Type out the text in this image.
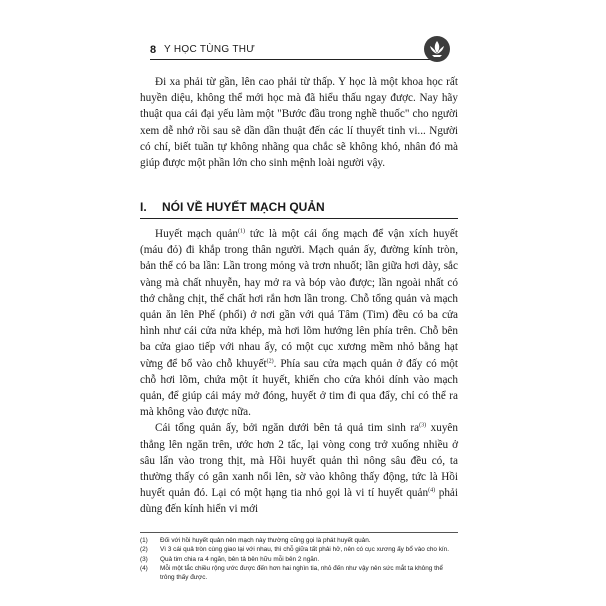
8 Y HỌC TÙNG THƯ

Đi xa phải từ gần, lên cao phải từ thấp. Y học là một khoa học rất huyền diệu, không thể mới học mà đã hiểu thấu ngay được. Nay hãy thuật qua cái đại yếu làm một "Bước đầu trong nghề thuốc" cho người xem dễ nhớ rồi sau sẽ dần dần thuật đến các lí thuyết tinh vi... Người có chí, biết tuần tự không nhãng qua chắc sẽ không khó, nhân đó mà giúp được một phần lớn cho sinh mệnh loài người vậy.

I. NÓI VỀ HUYẾT MẠCH QUẢN

Huyết mạch quản$^{(1)}$ tức là một cái ống mạch để vận xích huyết (máu đỏ) đi khắp trong thân người. Mạch quản ấy, đường kính tròn, bản thể có ba lần: Lần trong mỏng và trơn nhuốt; lần giữa hơi dày, sắc vàng mà chất nhuyễn, hay mở ra và bóp vào được; lần ngoài nhất có thớ chằng chịt, thể chất hơi rắn hơn lần trong. Chỗ tổng quản và mạch quản ăn lên Phế (phổi) ở nơi gần với quả Tâm (Tim) đều có ba cửa hình như cái cửa nửa khép, mà hơi lõm hướng lên phía trên. Chỗ bên ba cửa giao tiếp với nhau ấy, có một cục xương mềm nhỏ bằng hạt vừng để bổ vào chỗ khuyết$^{(2)}$. Phía sau cửa mạch quản ở đấy có một chỗ hơi lõm, chứa một ít huyết, khiến cho cửa khỏi dính vào mạch quản, để giúp cái máy mở đóng, huyết ở tim đi qua đẩy, chỉ có thể ra mà không vào được nữa.

Cái tổng quản ấy, bởi ngăn dưới bên tả quả tim $\sinh ra^{(3)}$ xuyên thẳng lên ngăn trên, ước hơn 2 tấc, lại vòng cong trở xuống nhiều ở sâu lẩn vào trong thịt, mà Hồi huyết quản thì nông sâu đều có, ta thường thấy có gân xanh nổi lên, sờ vào không thấy động, tức là Hồi huyết quản đó. Lại có một hạng tia nhỏ gọi là vi tí huyết quản$^{(4)}$ phải dùng đến kính hiển vi mới

(1) Đối với hồi huyết quản nên mạch này thường cũng gọi là phát huyết quản.
(2) Vì 3 cái quả tròn cùng giao lại với nhau, thì chỗ giữa tất phải hở, nên có cục xương ấy bổ vào cho kín.
(3) Quả tim chia ra 4 ngăn, bên tả bên hữu mỗi bên 2 ngăn.
(4) Mỗi một tắc chiều rộng ước được đến hơn hai nghìn tia, nhỏ đến như vậy nên sức mắt ta không thể trông thấy được.
